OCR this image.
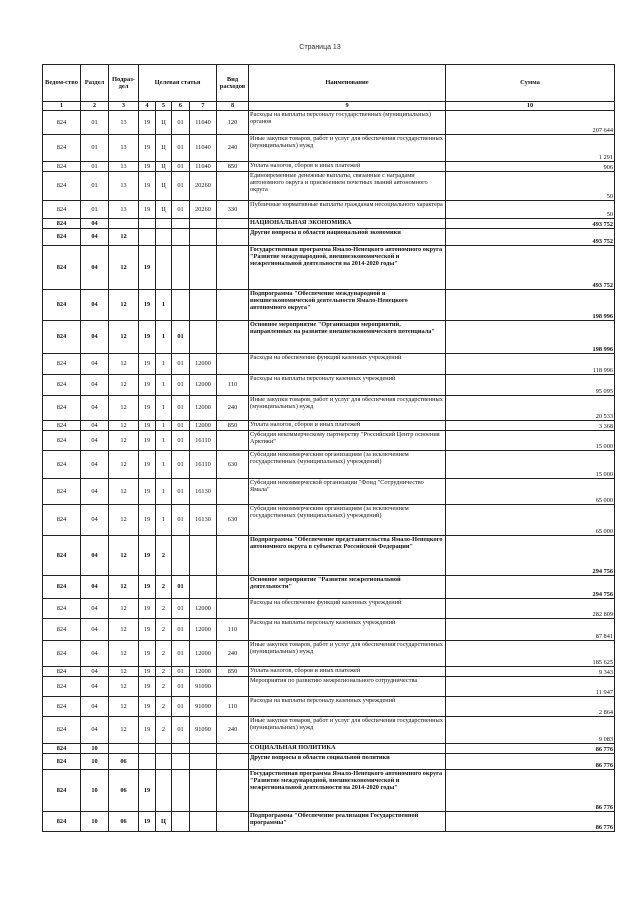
Страница 13
Ведом-ство	Раздел	Подраз-дел	Целевая статья				Вид расходов	Наименование	Сумма
1	2	3	4	5	6	7	8	9	10
824	01	13	19	Ц	01	11040	120	Расходы на выплаты персоналу государственных (муниципальных) органов	207 644
824	01	13	19	Ц	01	11040	240	Иные закупки товаров, работ и услуг для обеспечения государственных (муниципальных) нужд	1 291
824	01	13	19	Ц	01	11040	850	Уплата налогов, сборов и иных платежей	906
824	01	13	19	Ц	01	20260		Единовременные денежные выплаты, связанные с наградами автономного округа и присвоением почетных званий автономного округа	50
824	01	13	19	Ц	01	20260	330	Публичные нормативные выплаты гражданам несоциального характера	50
824	04							НАЦИОНАЛЬНАЯ ЭКОНОМИКА	493 752
824	04	12						Другие вопросы в области национальной экономики	493 752
824	04	12	19					Государственная программа Ямало-Ненецкого автономного округа "Развитие международной, внешнеэкономической и межрегиональной деятельности на 2014-2020 годы"	493 752
824	04	12	19	1				Подпрограмма "Обеспечение международной и внешнеэкономической деятельности Ямало-Ненецкого автономного округа"	198 996
824	04	12	19	1	01			Основное мероприятие "Организация мероприятий, направленных на развитие внешнеэкономического потенциала"	198 996
824	04	12	19	1	01	12000		Расходы на обеспечение функций казенных учреждений	118 996
824	04	12	19	1	01	12000	110	Расходы на выплаты персоналу казенных учреждений	95 095
824	04	12	19	1	01	12000	240	Иные закупки товаров, работ и услуг для обеспечения государственных (муниципальных) нужд	20 533
824	04	12	19	1	01	12000	850	Уплата налогов, сборов и иных платежей	3 368
824	04	12	19	1	01	16110		Субсидия некоммерческому партнерству "Российский Центр освоения Арктики"	15 000
824	04	12	19	1	01	16110	630	Субсидии некоммерческим организациям (за исключением государственных (муниципальных) учреждений)	15 000
824	04	12	19	1	01	16130		Субсидии некоммерческой организации "Фонд "Сотрудничество Ямала"	65 000
824	04	12	19	1	01	16130	630	Субсидии некоммерческим организациям (за исключением государственных (муниципальных) учреждений)	65 000
824	04	12	19	2				Подпрограмма "Обеспечение представительства Ямало-Ненецкого автономного округа в субъектах Российской Федерации"	294 756
824	04	12	19	2	01			Основное мероприятие "Развитие межрегиональной деятельности"	294 756
824	04	12	19	2	01	12000		Расходы на обеспечение функций казенных учреждений	282 809
824	04	12	19	2	01	12000	110	Расходы на выплаты персоналу казенных учреждений	87 841
824	04	12	19	2	01	12000	240	Иные закупки товаров, работ и услуг для обеспечения государственных (муниципальных) нужд	185 625
824	04	12	19	2	01	12000	850	Уплата налогов, сборов и иных платежей	9 343
824	04	12	19	2	01	91090		Мероприятия по развитию межрегионального сотрудничества	11 947
824	04	12	19	2	01	91090	110	Расходы на выплаты персоналу казенных учреждений	2 864
824	04	12	19	2	01	91090	240	Иные закупки товаров, работ и услуг для обеспечения государственных (муниципальных) нужд	9 083
824	10							СОЦИАЛЬНАЯ ПОЛИТИКА	86 776
824	10	06						Другие вопросы в области социальной политики	86 776
824	10	06	19					Государственная программа Ямало-Ненецкого автономного округа "Развитие международной, внешнеэкономической и межрегиональной деятельности на 2014-2020 годы"	86 776
824	10	06	19	Ц				Подпрограмма "Обеспечение реализации Государственной программы"	86 776
